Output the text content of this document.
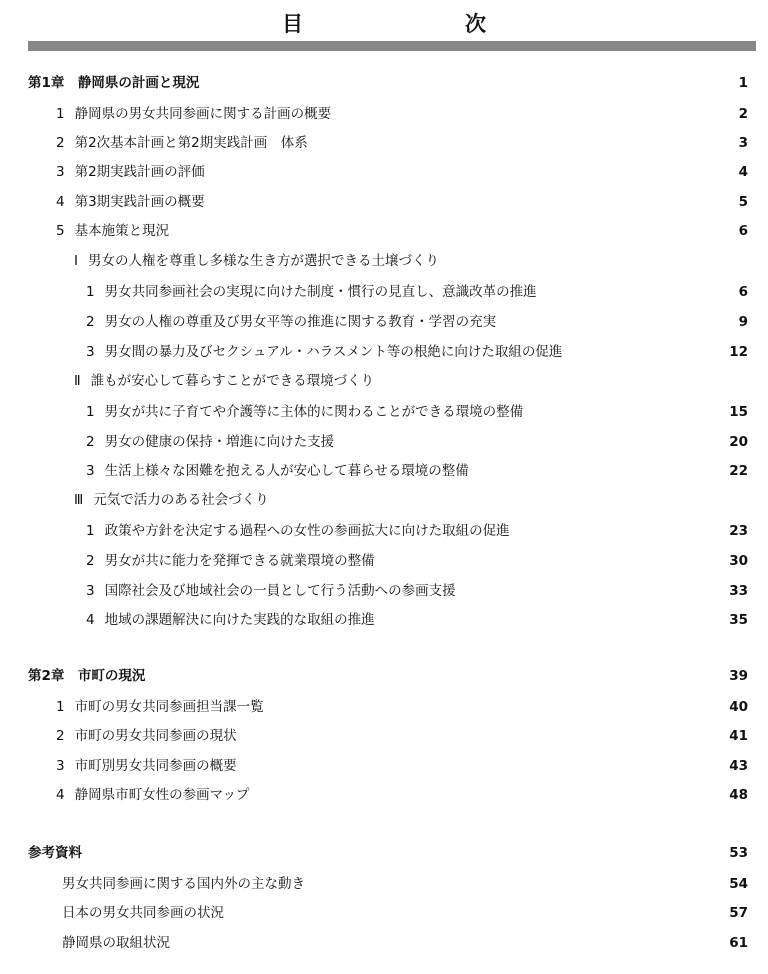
目　　次
第1章　静岡県の計画と現況	1
1 静岡県の男女共同参画に関する計画の概要	2
2 第2次基本計画と第2期実践計画　体系	3
3 第2期実践計画の評価	4
4 第3期実践計画の概要	5
5 基本施策と現況	6
Ⅰ 男女の人権を尊重し多様な生き方が選択できる土壌づくり
1 男女共同参画社会の実現に向けた制度・慣行の見直し、意識改革の推進	6
2 男女の人権の尊重及び男女平等の推進に関する教育・学習の充実	9
3 男女間の暴力及びセクシュアル・ハラスメント等の根絶に向けた取組の促進	12
Ⅱ 誰もが安心して暮らすことができる環境づくり
1 男女が共に子育てや介護等に主体的に関わることができる環境の整備	15
2 男女の健康の保持・増進に向けた支援	20
3 生活上様々な困難を抱える人が安心して暮らせる環境の整備	22
Ⅲ 元気で活力のある社会づくり
1 政策や方針を決定する過程への女性の参画拡大に向けた取組の促進	23
2 男女が共に能力を発揮できる就業環境の整備	30
3 国際社会及び地域社会の一員として行う活動への参画支援	33
4 地域の課題解決に向けた実践的な取組の推進	35
第2章　市町の現況	39
1 市町の男女共同参画担当課一覧	40
2 市町の男女共同参画の現状	41
3 市町別男女共同参画の概要	43
4 静岡県市町女性の参画マップ	48
参考資料	53
男女共同参画に関する国内外の主な動き	54
日本の男女共同参画の状況	57
静岡県の取組状況	61
